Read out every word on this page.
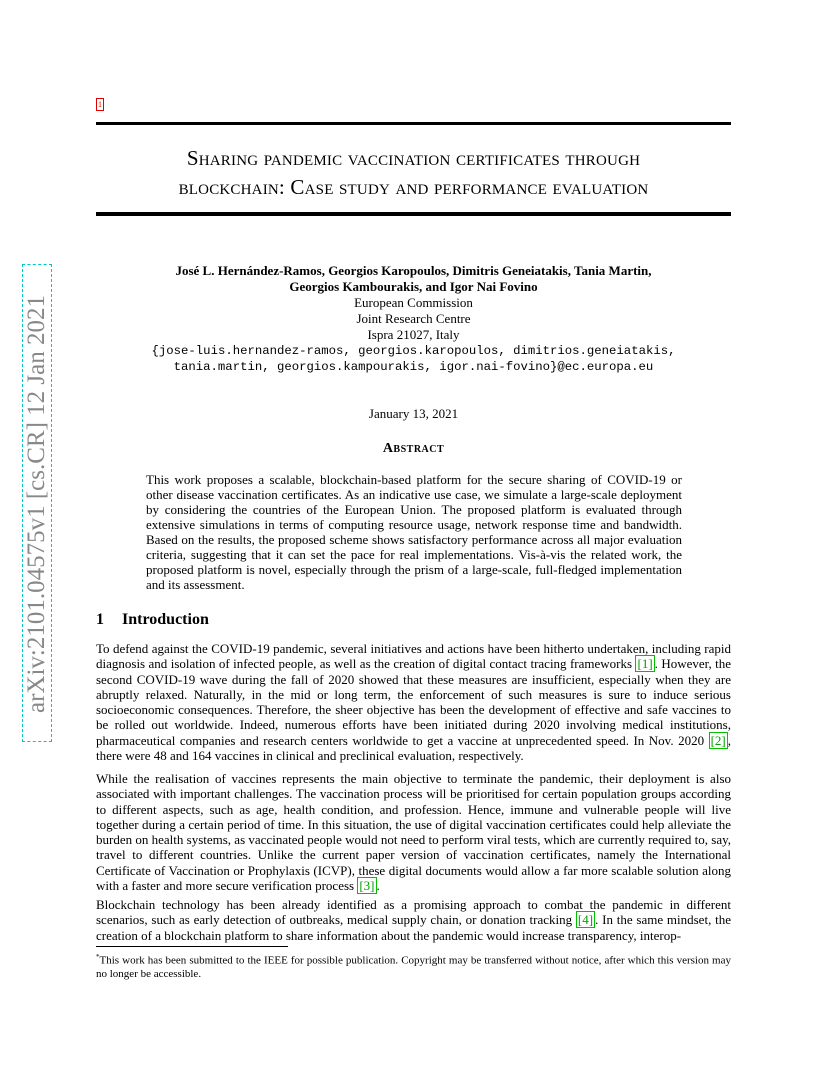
1
Sharing pandemic vaccination certificates through
blockchain: Case study and performance evaluation
arXiv:2101.04575v1 [cs.CR] 12 Jan 2021
José L. Hernández-Ramos, Georgios Karopoulos, Dimitris Geneiatakis, Tania Martin,
Georgios Kambourakis, and Igor Nai Fovino
European Commission
Joint Research Centre
Ispra 21027, Italy
{jose-luis.hernandez-ramos, georgios.karopoulos, dimitrios.geneiatakis,
tania.martin, georgios.kampourakis, igor.nai-fovino}@ec.europa.eu
January 13, 2021
Abstract
This work proposes a scalable, blockchain-based platform for the secure sharing of COVID-19 or other disease vaccination certificates. As an indicative use case, we simulate a large-scale deployment by considering the countries of the European Union. The proposed platform is evaluated through extensive simulations in terms of computing resource usage, network response time and bandwidth. Based on the results, the proposed scheme shows satisfactory performance across all major evaluation criteria, suggesting that it can set the pace for real implementations. Vis-à-vis the related work, the proposed platform is novel, especially through the prism of a large-scale, full-fledged implementation and its assessment.
1 Introduction
To defend against the COVID-19 pandemic, several initiatives and actions have been hitherto undertaken, including rapid diagnosis and isolation of infected people, as well as the creation of digital contact tracing frameworks [1] . However, the second COVID-19 wave during the fall of 2020 showed that these measures are insufficient, especially when they are abruptly relaxed. Naturally, in the mid or long term, the enforcement of such measures is sure to induce serious socioeconomic consequences. Therefore, the sheer objective has been the development of effective and safe vaccines to be rolled out worldwide. Indeed, numerous efforts have been initiated during 2020 involving medical institutions, pharmaceutical companies and research centers worldwide to get a vaccine at unprecedented speed. In Nov. 2020 [2] , there were 48 and 164 vaccines in clinical and preclinical evaluation, respectively.
While the realisation of vaccines represents the main objective to terminate the pandemic, their deployment is also associated with important challenges. The vaccination process will be prioritised for certain population groups according to different aspects, such as age, health condition, and profession. Hence, immune and vulnerable people will live together during a certain period of time. In this situation, the use of digital vaccination certificates could help alleviate the burden on health systems, as vaccinated people would not need to perform viral tests, which are currently required to, say, travel to different countries. Unlike the current paper version of vaccination certificates, namely the International Certificate of Vaccination or Prophylaxis (ICVP), these digital documents would allow a far more scalable solution along with a faster and more secure verification process [3] .
Blockchain technology has been already identified as a promising approach to combat the pandemic in different scenarios, such as early detection of outbreaks, medical supply chain, or donation tracking [4] . In the same mindset, the creation of a blockchain platform to share information about the pandemic would increase transparency, interop-
*This work has been submitted to the IEEE for possible publication. Copyright may be transferred without notice, after which this version may no longer be accessible.
